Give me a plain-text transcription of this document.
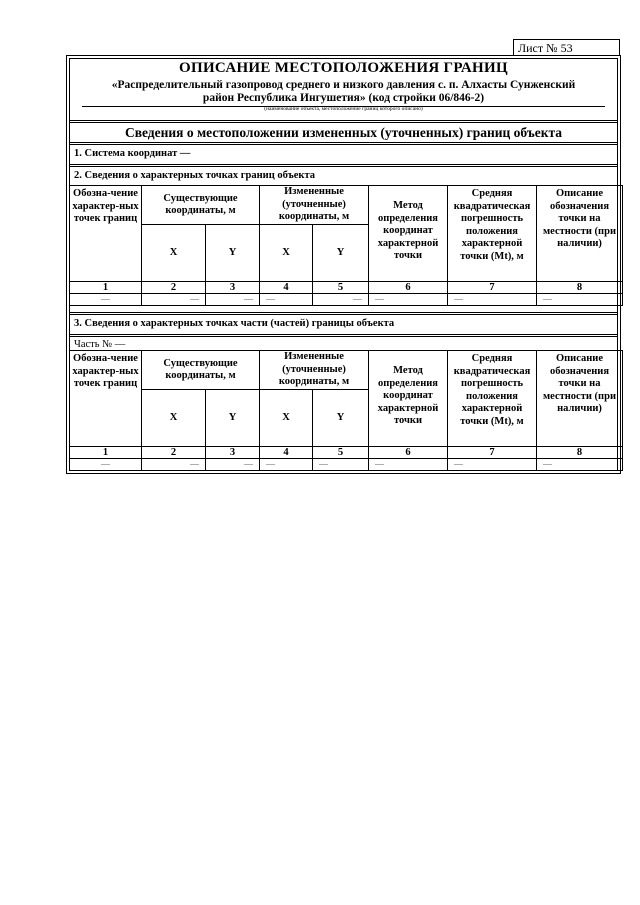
Лист № 53
ОПИСАНИЕ МЕСТОПОЛОЖЕНИЯ ГРАНИЦ
«Распределительный газопровод среднего и низкого давления с. п. Алхасты Сунженский
район Республика Ингушетия» (код стройки 06/846-2)
(наименование объекта, местоположение границ которого описано)
Сведения о местоположении измененных (уточненных) границ объекта
1. Система координат —
2. Сведения о характерных точках границ объекта
Обозна-чение характер-ных точек границ	Существующие координаты, м		Измененные (уточненные) координаты, м		Метод определения координат характерной точки	Средняя квадратическая погрешность положения характерной точки (Mt), м	Описание обозначения точки на местности (при наличии)
	X	Y	X	Y			
1	2	3	4	5	6	7	8
—	—	—	—	—	—	—	—
3. Сведения о характерных точках части (частей) границы объекта
Часть № —
Обозна-чение характер-ных точек границ	Существующие координаты, м		Измененные (уточненные) координаты, м		Метод определения координат характерной точки	Средняя квадратическая погрешность положения характерной точки (Mt), м	Описание обозначения точки на местности (при наличии)
	X	Y	X	Y			
1	2	3	4	5	6	7	8
—	—	—	—	—	—	—	—
